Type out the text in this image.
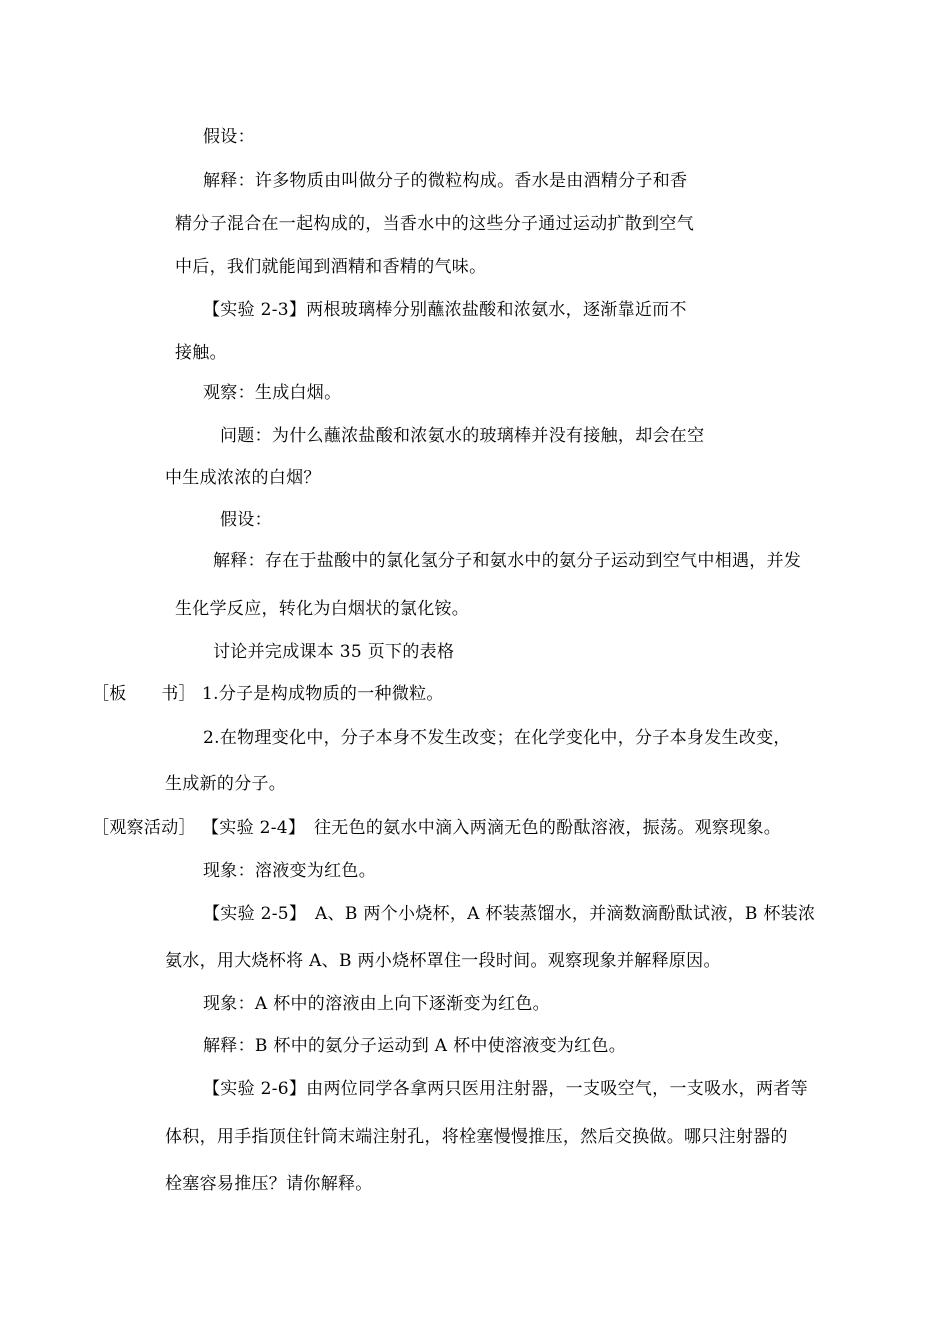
假设：
解释：许多物质由叫做分子的微粒构成。香水是由酒精分子和香
精分子混合在一起构成的，当香水中的这些分子通过运动扩散到空气
中后，我们就能闻到酒精和香精的气味。
【实验 2-3】两根玻璃棒分别蘸浓盐酸和浓氨水，逐渐靠近而不
接触。
观察：生成白烟。
问题：为什么蘸浓盐酸和浓氨水的玻璃棒并没有接触，却会在空
中生成浓浓的白烟？
假设：
解释：存在于盐酸中的氯化氢分子和氨水中的氨分子运动到空气中相遇，并发
生化学反应，转化为白烟状的氯化铵。
讨论并完成课本 35 页下的表格
［板　　书］ 1.分子是构成物质的一种微粒。
2.在物理变化中，分子本身不发生改变；在化学变化中，分子本身发生改变，
生成新的分子。
［观察活动］ 【实验 2-4】　往无色的氨水中滴入两滴无色的酚酞溶液，振荡。观察现象。
现象：溶液变为红色。
【实验 2-5】　A、B 两个小烧杯，A 杯装蒸馏水，并滴数滴酚酞试液，B 杯装浓
氨水，用大烧杯将 A、B 两小烧杯罩住一段时间。观察现象并解释原因。
现象：A 杯中的溶液由上向下逐渐变为红色。
解释：B 杯中的氨分子运动到 A 杯中使溶液变为红色。
【实验 2-6】由两位同学各拿两只医用注射器，一支吸空气，一支吸水，两者等
体积，用手指顶住针筒末端注射孔，将栓塞慢慢推压，然后交换做。哪只注射器的
栓塞容易推压？请你解释。
